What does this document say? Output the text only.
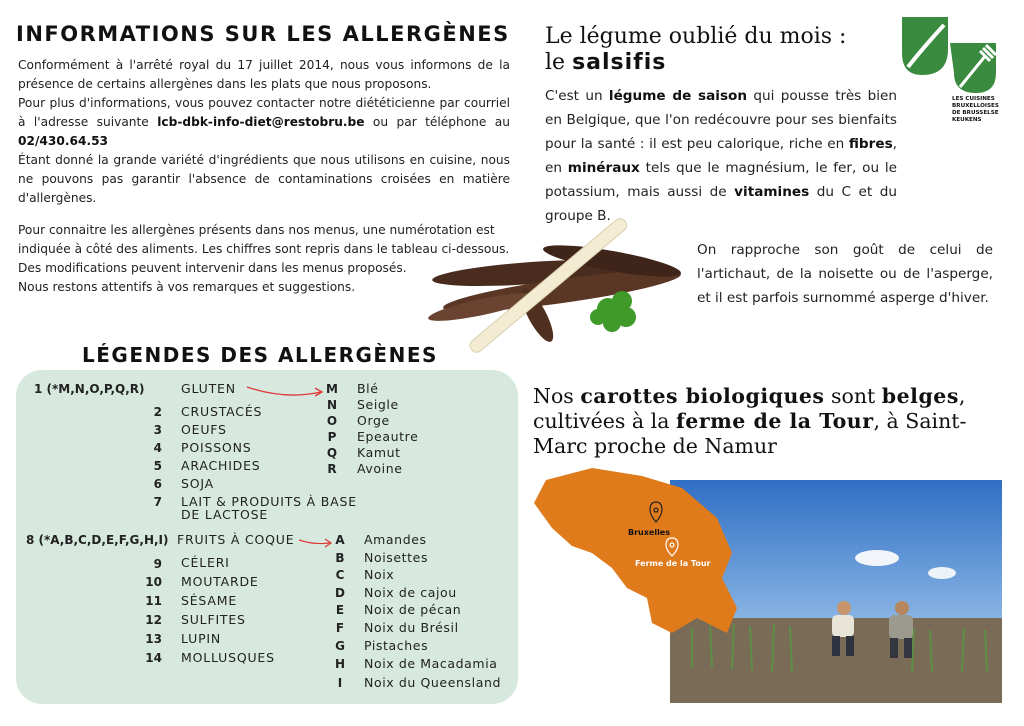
INFORMATIONS SUR LES ALLERGÈNES
Conformément à l'arrêté royal du 17 juillet 2014, nous vous informons de la présence de certains allergènes dans les plats que nous proposons.
Pour plus d'informations, vous pouvez contacter notre diététicienne par courriel à l'adresse suivante lcb-dbk-info-diet@restobru.be ou par téléphone au 02/430.64.53
Étant donné la grande variété d'ingrédients que nous utilisons en cuisine, nous ne pouvons pas garantir l'absence de contaminations croisées en matière d'allergènes.
Pour connaitre les allergènes présents dans nos menus, une numérotation est indiquée à côté des aliments. Les chiffres sont repris dans le tableau ci-dessous.
Des modifications peuvent intervenir dans les menus proposés.
Nous restons attentifs à vos remarques et suggestions.
Le légume oublié du mois :
le salsifis
C'est un légume de saison qui pousse très bien en Belgique, que l'on redécouvre pour ses bienfaits pour la santé : il est peu calorique, riche en fibres, en minéraux tels que le magnésium, le fer, ou le potassium, mais aussi de vitamines du C et du groupe B.
On rapproche son goût de celui de l'artichaut, de la noisette ou de l'asperge, et il est parfois surnommé asperge d'hiver.
LES CUISINES
BRUXELLOISES
DE BRUSSELSE
KEUKENS
LÉGENDES DES ALLERGÈNES
1 (*M,N,O,P,Q,R)	GLUTEN
2 CRUSTACÉS
3 OEUFS
4 POISSONS
5 ARACHIDES
6 SOJA
7 LAIT & PRODUITS À BASE
DE LACTOSE
8 (*A,B,C,D,E,F,G,H,I) FRUITS À COQUE
9 CÉLERI
10 MOUTARDE
11 SÉSAME
12 SULFITES
13 LUPIN
14 MOLLUSQUES
M Blé
N Seigle
O Orge
P Epeautre
Q Kamut
R Avoine
A Amandes
B Noisettes
C Noix
D Noix de cajou
E Noix de pécan
F Noix du Brésil
G Pistaches
H Noix de Macadamia
I	Noix du Queensland
Nos carottes biologiques sont belges, cultivées à la ferme de la Tour, à Saint-Marc proche de Namur
Bruxelles
Ferme de la Tour
